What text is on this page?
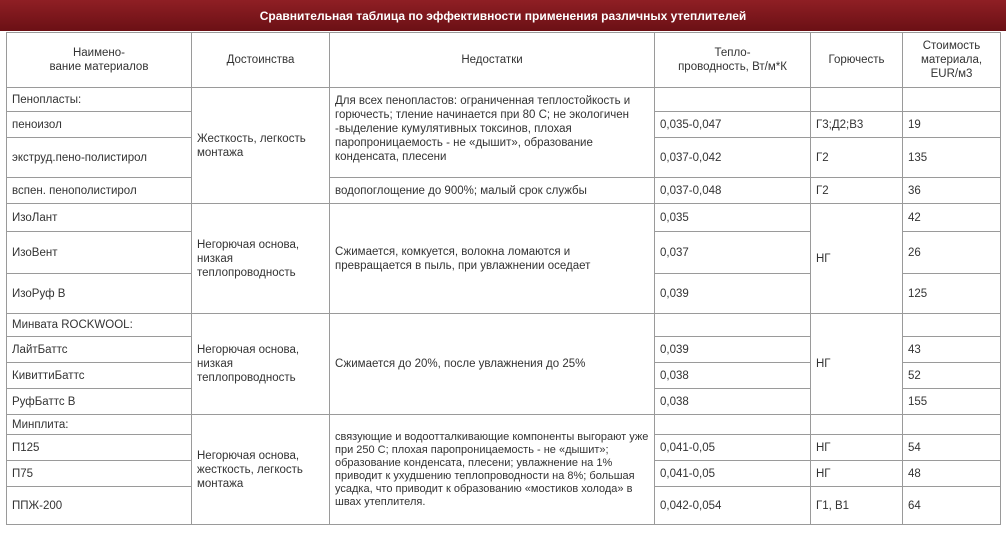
Сравнительная таблица по эффективности применения различных утеплителей
Наимено-
вание материалов	Достоинства	Недостатки	Тепло-
проводность, Вт/м*К	Горючесть	Стоимость материала, EUR/м3
Пенопласты:	Жесткость, легкость монтажа	Для всех пенопластов: ограниченная теплостойкость и горючесть; тление начинается при 80 С; не экологичен -выделение кумулятивных токсинов, плохая паропроницаемость - не «дышит», образование конденсата, плесени			
пеноизол			0,035-0,047	Г3;Д2;В3	19
экструд.пено-полистирол			0,037-0,042	Г2	135
вспен. пенополистирол		водопоглощение до 900%; малый срок службы	0,037-0,048	Г2	36
ИзоЛант	Негорючая основа, низкая теплопроводность	Сжимается, комкуется, волокна ломаются и превращается в пыль, при увлажнении оседает	0,035	НГ	42
ИзоВент			0,037		26
ИзоРуф В			0,039		125
Минвата ROCKWOOL:	Негорючая основа, низкая теплопроводность	Сжимается до 20%, после увлажнения до 25%		НГ	
ЛайтБаттс			0,039		43
КивиттиБаттс			0,038		52
РуфБаттс В			0,038		155
Минплита:	Негорючая основа, жесткость, легкость монтажа	связующие и водоотталкивающие компоненты выгорают уже при 250 С; плохая паропроницаемость - не «дышит»; образование конденсата, плесени; увлажнение на 1% приводит к ухудшению теплопроводности на 8%; большая усадка, что приводит к образованию «мостиков холода» в швах утеплителя.			
П125			0,041-0,05	НГ	54
П75			0,041-0,05	НГ	48
ППЖ-200			0,042-0,054	Г1, В1	64
